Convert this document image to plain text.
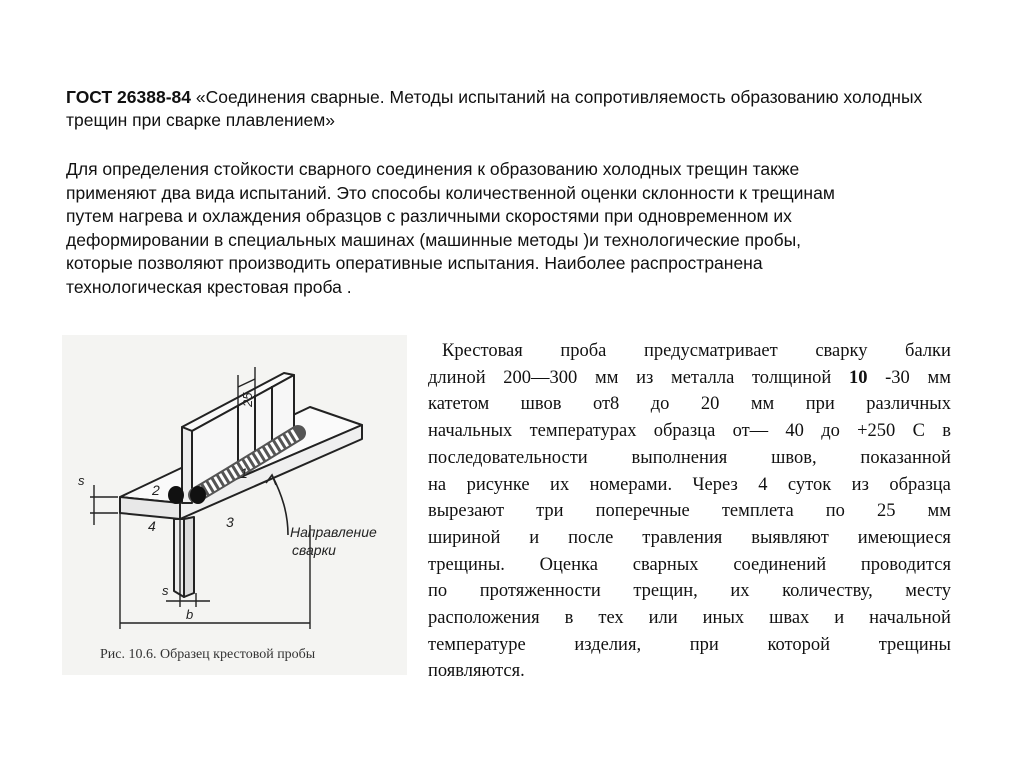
ГОСТ 26388-84 «Соединения сварные. Методы испытаний на сопротивляемость образованию холодных трещин при сварке плавлением»
Для определения стойкости сварного соединения к образованию холодных трещин также
применяют два вида испытаний. Это способы количественной оценки склонности к трещинам
путем нагрева и охлаждения образцов с различными скоростями при одновременном их
деформировании в специальных машинах (машинные методы )и технологические пробы,
которые позволяют производить оперативные испытания. Наиболее распространена
технологическая крестовая проба .
25
1
2
3
4
s
s
b
Направление
сварки
Рис. 10.6. Образец крестовой пробы
Крестовая проба предусматривает сварку балки
длиной 200—300 мм из металла толщиной 10 -30 мм
катетом швов от8 до 20 мм при различных
начальных температурах образца от— 40 до +250 С в
последовательности выполнения швов, показанной
на рисунке их номерами. Через 4 суток из образца
вырезают три поперечные темплета по 25 мм
шириной и после травления выявляют имеющиеся
трещины. Оценка сварных соединений проводится
по протяженности трещин, их количеству, месту
расположения в тех или иных швах и начальной
температуре	изделия,	при	которой	трещины
появляются.
